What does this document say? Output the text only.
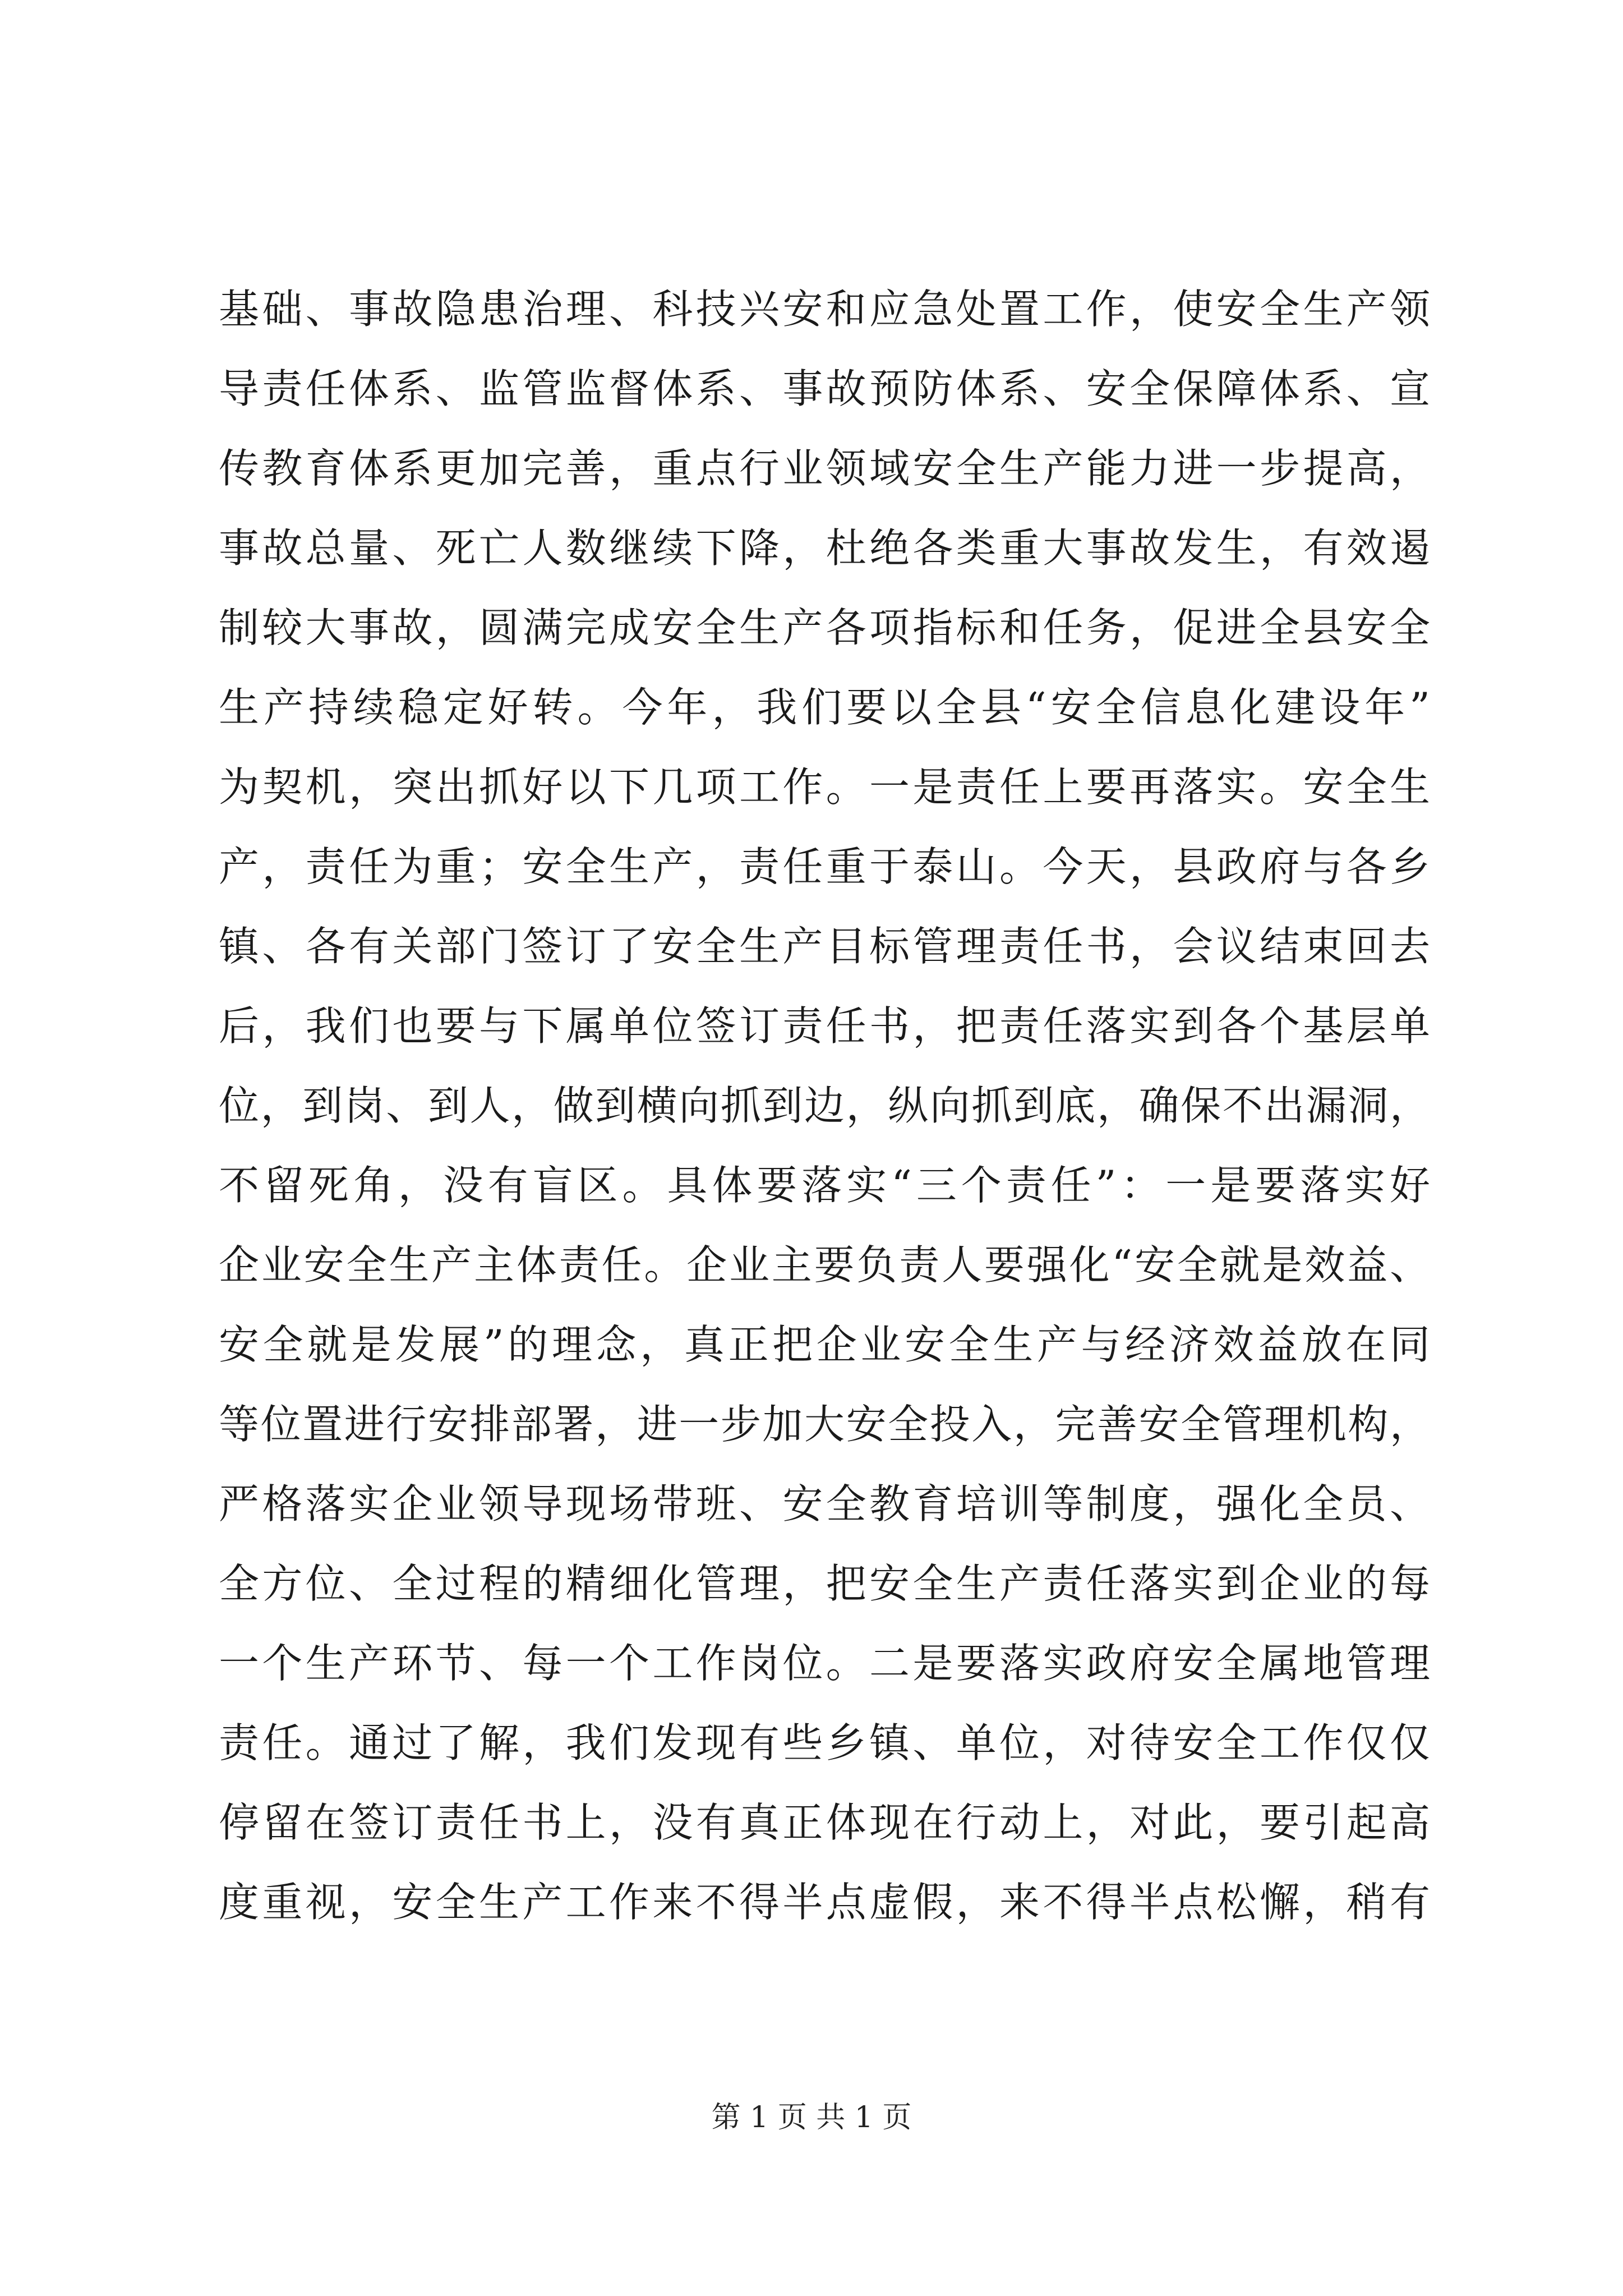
基础、事故隐患治理、科技兴安和应急处置工作，使安全生产领
导责任体系、监管监督体系、事故预防体系、安全保障体系、宣
传教育体系更加完善，重点行业领域安全生产能力进一步提高，
事故总量、死亡人数继续下降，杜绝各类重大事故发生，有效遏
制较大事故，圆满完成安全生产各项指标和任务，促进全县安全
生产持续稳定好转。今年，我们要以全县“安全信息化建设年”
为契机，突出抓好以下几项工作。一是责任上要再落实。安全生
产，责任为重；安全生产，责任重于泰山。今天，县政府与各乡
镇、各有关部门签订了安全生产目标管理责任书，会议结束回去
后，我们也要与下属单位签订责任书，把责任落实到各个基层单
位，到岗、到人，做到横向抓到边，纵向抓到底，确保不出漏洞，
不留死角，没有盲区。具体要落实“三个责任”：一是要落实好
企业安全生产主体责任。企业主要负责人要强化“安全就是效益、
安全就是发展”的理念，真正把企业安全生产与经济效益放在同
等位置进行安排部署，进一步加大安全投入，完善安全管理机构，
严格落实企业领导现场带班、安全教育培训等制度，强化全员、
全方位、全过程的精细化管理，把安全生产责任落实到企业的每
一个生产环节、每一个工作岗位。二是要落实政府安全属地管理
责任。通过了解，我们发现有些乡镇、单位，对待安全工作仅仅
停留在签订责任书上，没有真正体现在行动上，对此，要引起高
度重视，安全生产工作来不得半点虚假，来不得半点松懈，稍有
第 1 页 共 1 页
